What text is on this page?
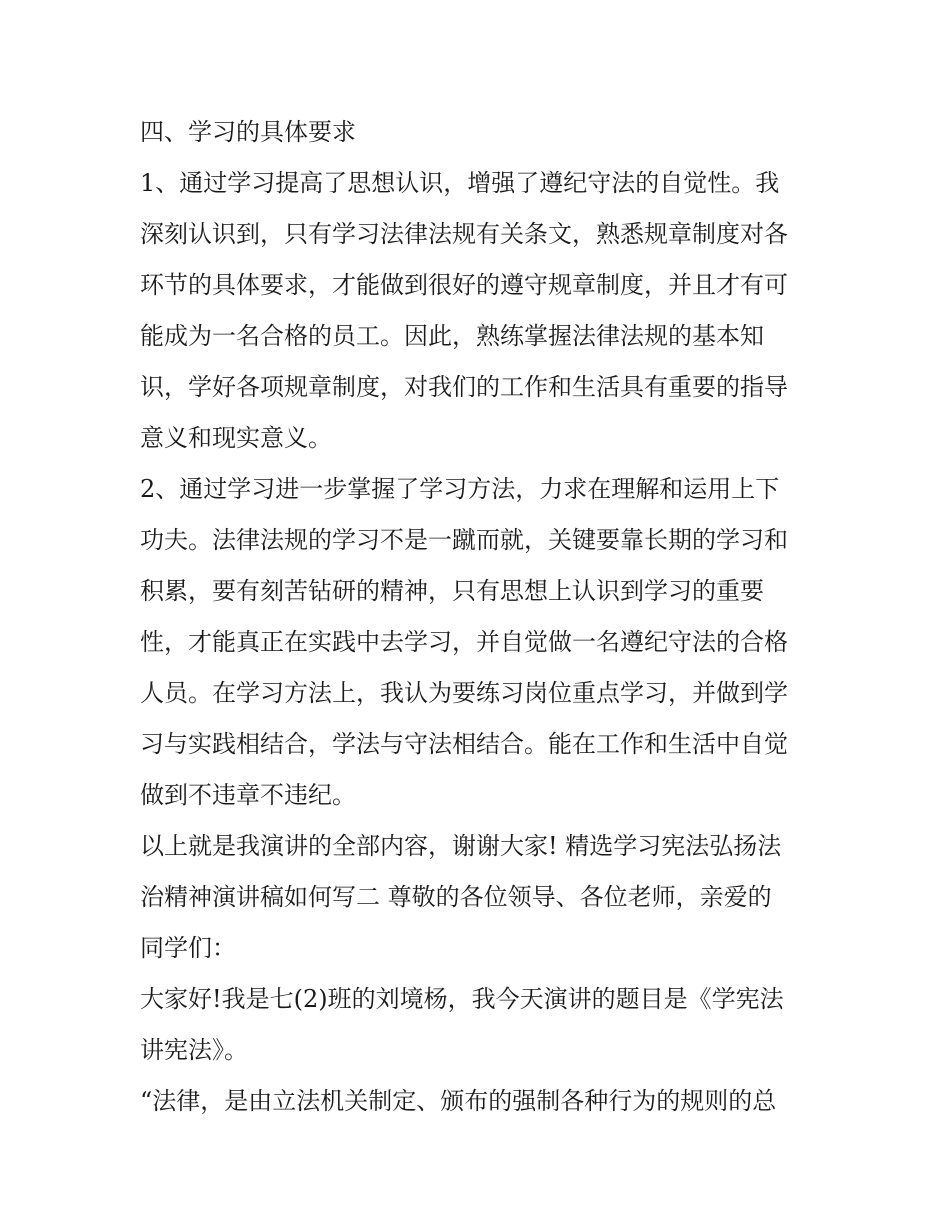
四、学习的具体要求
1、通过学习提高了思想认识，增强了遵纪守法的自觉性。我
深刻认识到，只有学习法律法规有关条文，熟悉规章制度对各
环节的具体要求，才能做到很好的遵守规章制度，并且才有可
能成为一名合格的员工。因此，熟练掌握法律法规的基本知
识，学好各项规章制度，对我们的工作和生活具有重要的指导
意义和现实意义。
2、通过学习进一步掌握了学习方法，力求在理解和运用上下
功夫。法律法规的学习不是一蹴而就，关键要靠长期的学习和
积累，要有刻苦钻研的精神，只有思想上认识到学习的重要
性，才能真正在实践中去学习，并自觉做一名遵纪守法的合格
人员。在学习方法上，我认为要练习岗位重点学习，并做到学
习与实践相结合，学法与守法相结合。能在工作和生活中自觉
做到不违章不违纪。
以上就是我演讲的全部内容，谢谢大家! 精选学习宪法弘扬法
治精神演讲稿如何写二 尊敬的各位领导、各位老师，亲爱的
同学们：
大家好!我是七(2)班的刘境杨，我今天演讲的题目是《学宪法
讲宪法》。
“法律，是由立法机关制定、颁布的强制各种行为的规则的总
